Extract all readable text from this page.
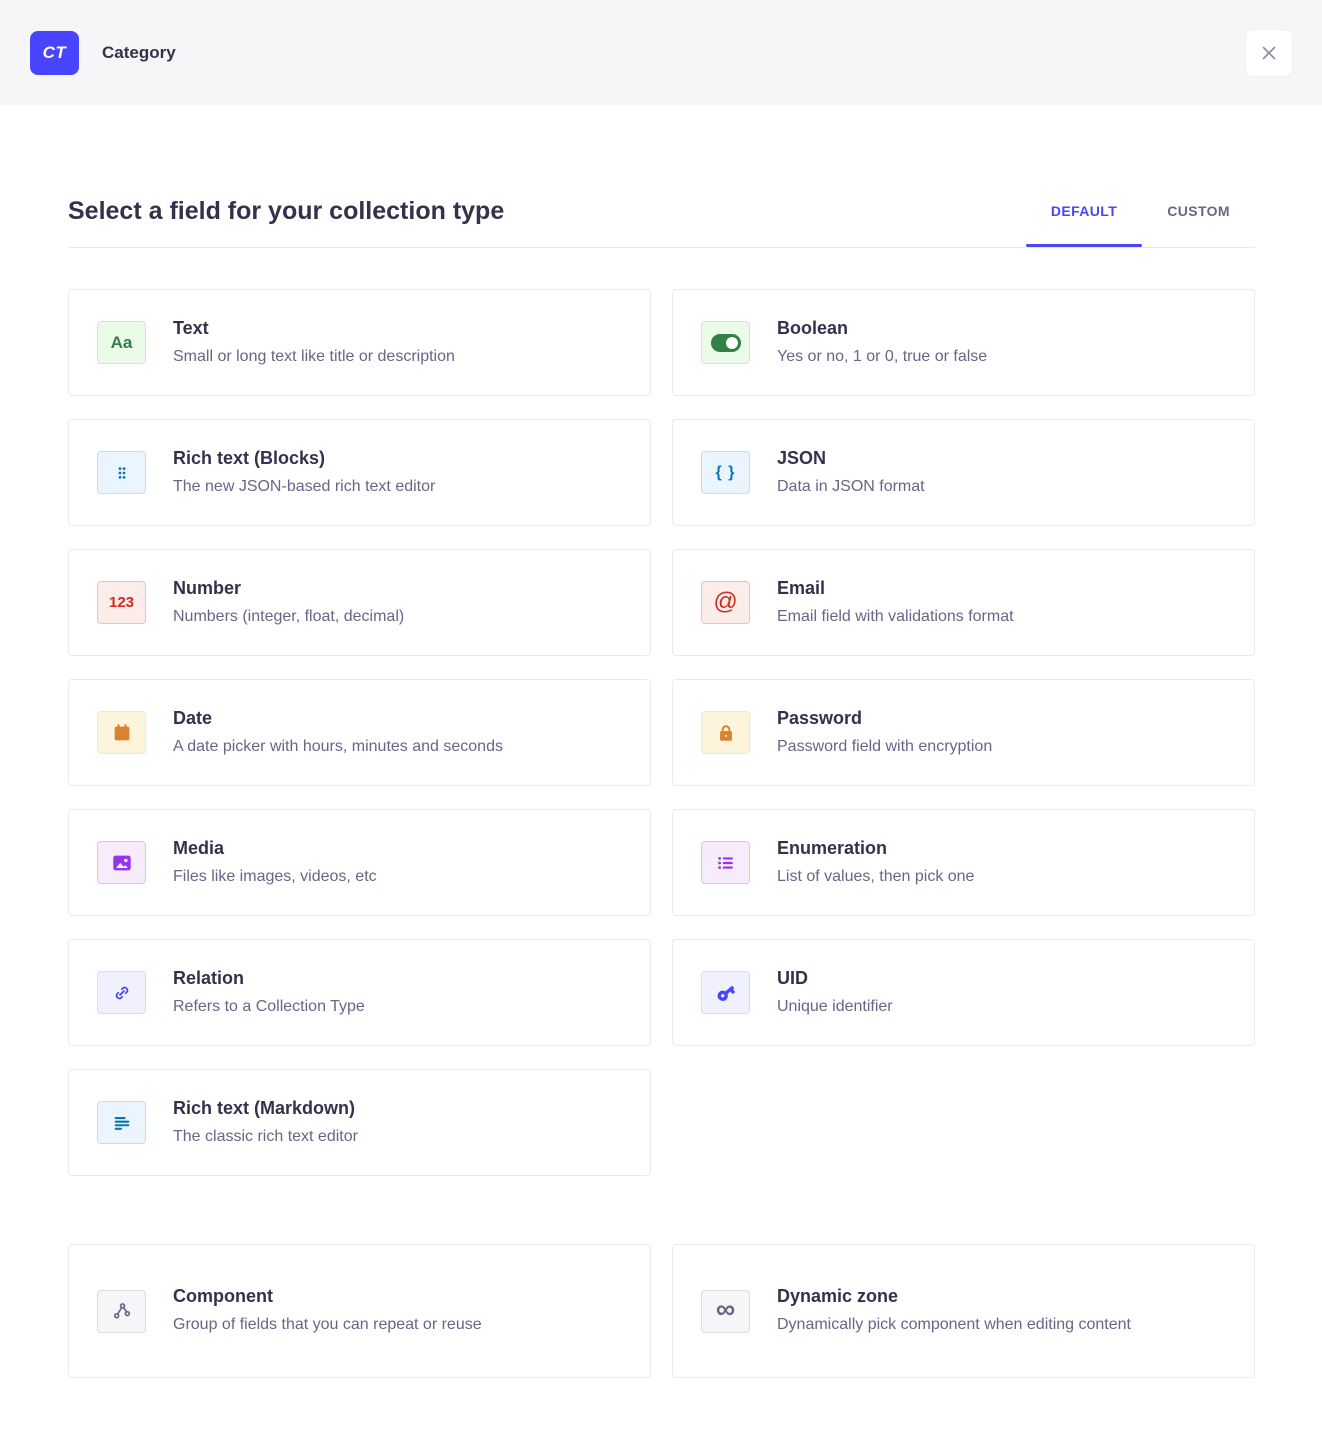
CT	Category
Select a field for your collection type	DEFAULT	CUSTOM
Aa
Text
Small or long text like title or description
Boolean
Yes or no, 1 or 0, true or false
Rich text (Blocks)
The new JSON-based rich text editor
{ }
JSON
Data in JSON format
123
Number
Numbers (integer, float, decimal)
@ Email
Email field with validations format
Date
A date picker with hours, minutes and seconds
Password
Password field with encryption
Media
Files like images, videos, etc
Enumeration
List of values, then pick one
Relation
Refers to a Collection Type
UID
Unique identifier
Rich text (Markdown)
The classic rich text editor
Component
Group of fields that you can repeat or reuse
∞ Dynamic zone
Dynamically pick component when editing content
